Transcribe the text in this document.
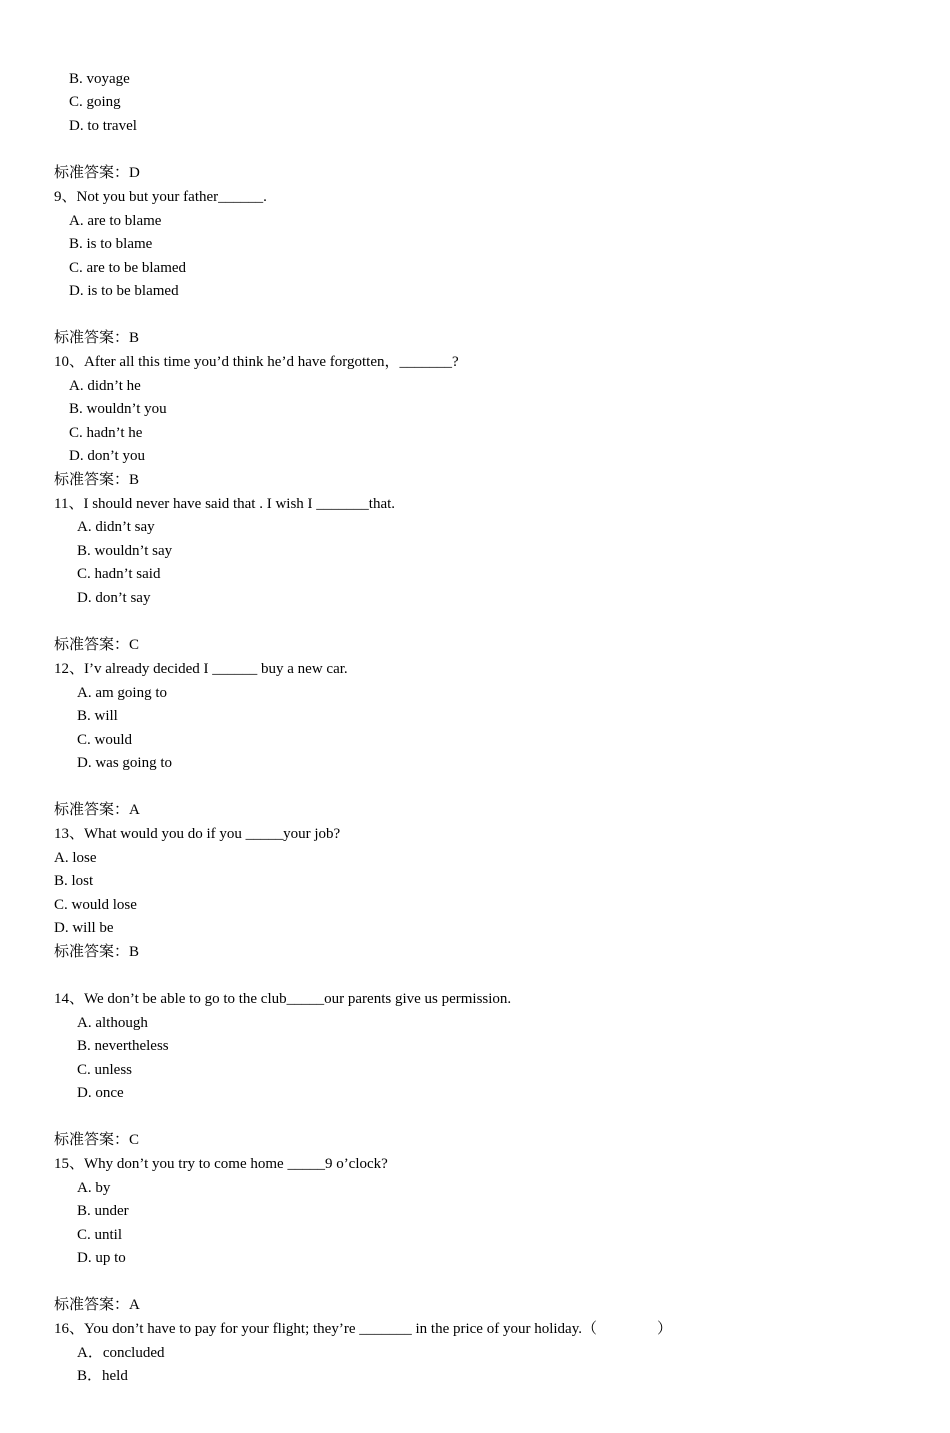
B. voyage
C. going
D. to travel
标准答案：D
9、Not you but your father______.
A. are to blame
B. is to blame
C. are to be blamed
D. is to be blamed
标准答案：B
10、After all this time you’d think he’d have forgotten，_______?
A. didn’t he
B. wouldn’t you
C. hadn’t he
D. don’t you
标准答案：B
11、I should never have said that . I wish I _______that.
A. didn’t say
B. wouldn’t say
C. hadn’t said
D. don’t say
标准答案：C
12、I’v already decided I ______ buy a new car.
A. am going to
B. will
C. would
D. was going to
标准答案：A
13、What would you do if you _____your job?
A. lose
B. lost
C. would lose
D. will be
标准答案：B
14、We don’t be able to go to the club_____our parents give us permission.
A. although
B. nevertheless
C. unless
D. once
标准答案：C
15、Why don’t you try to come home _____9 o’clock?
A. by
B. under
C. until
D. up to
标准答案：A
16、You don’t have to pay for your flight; they’re _______ in the price of your holiday.（                ）
A．concluded
B．held
